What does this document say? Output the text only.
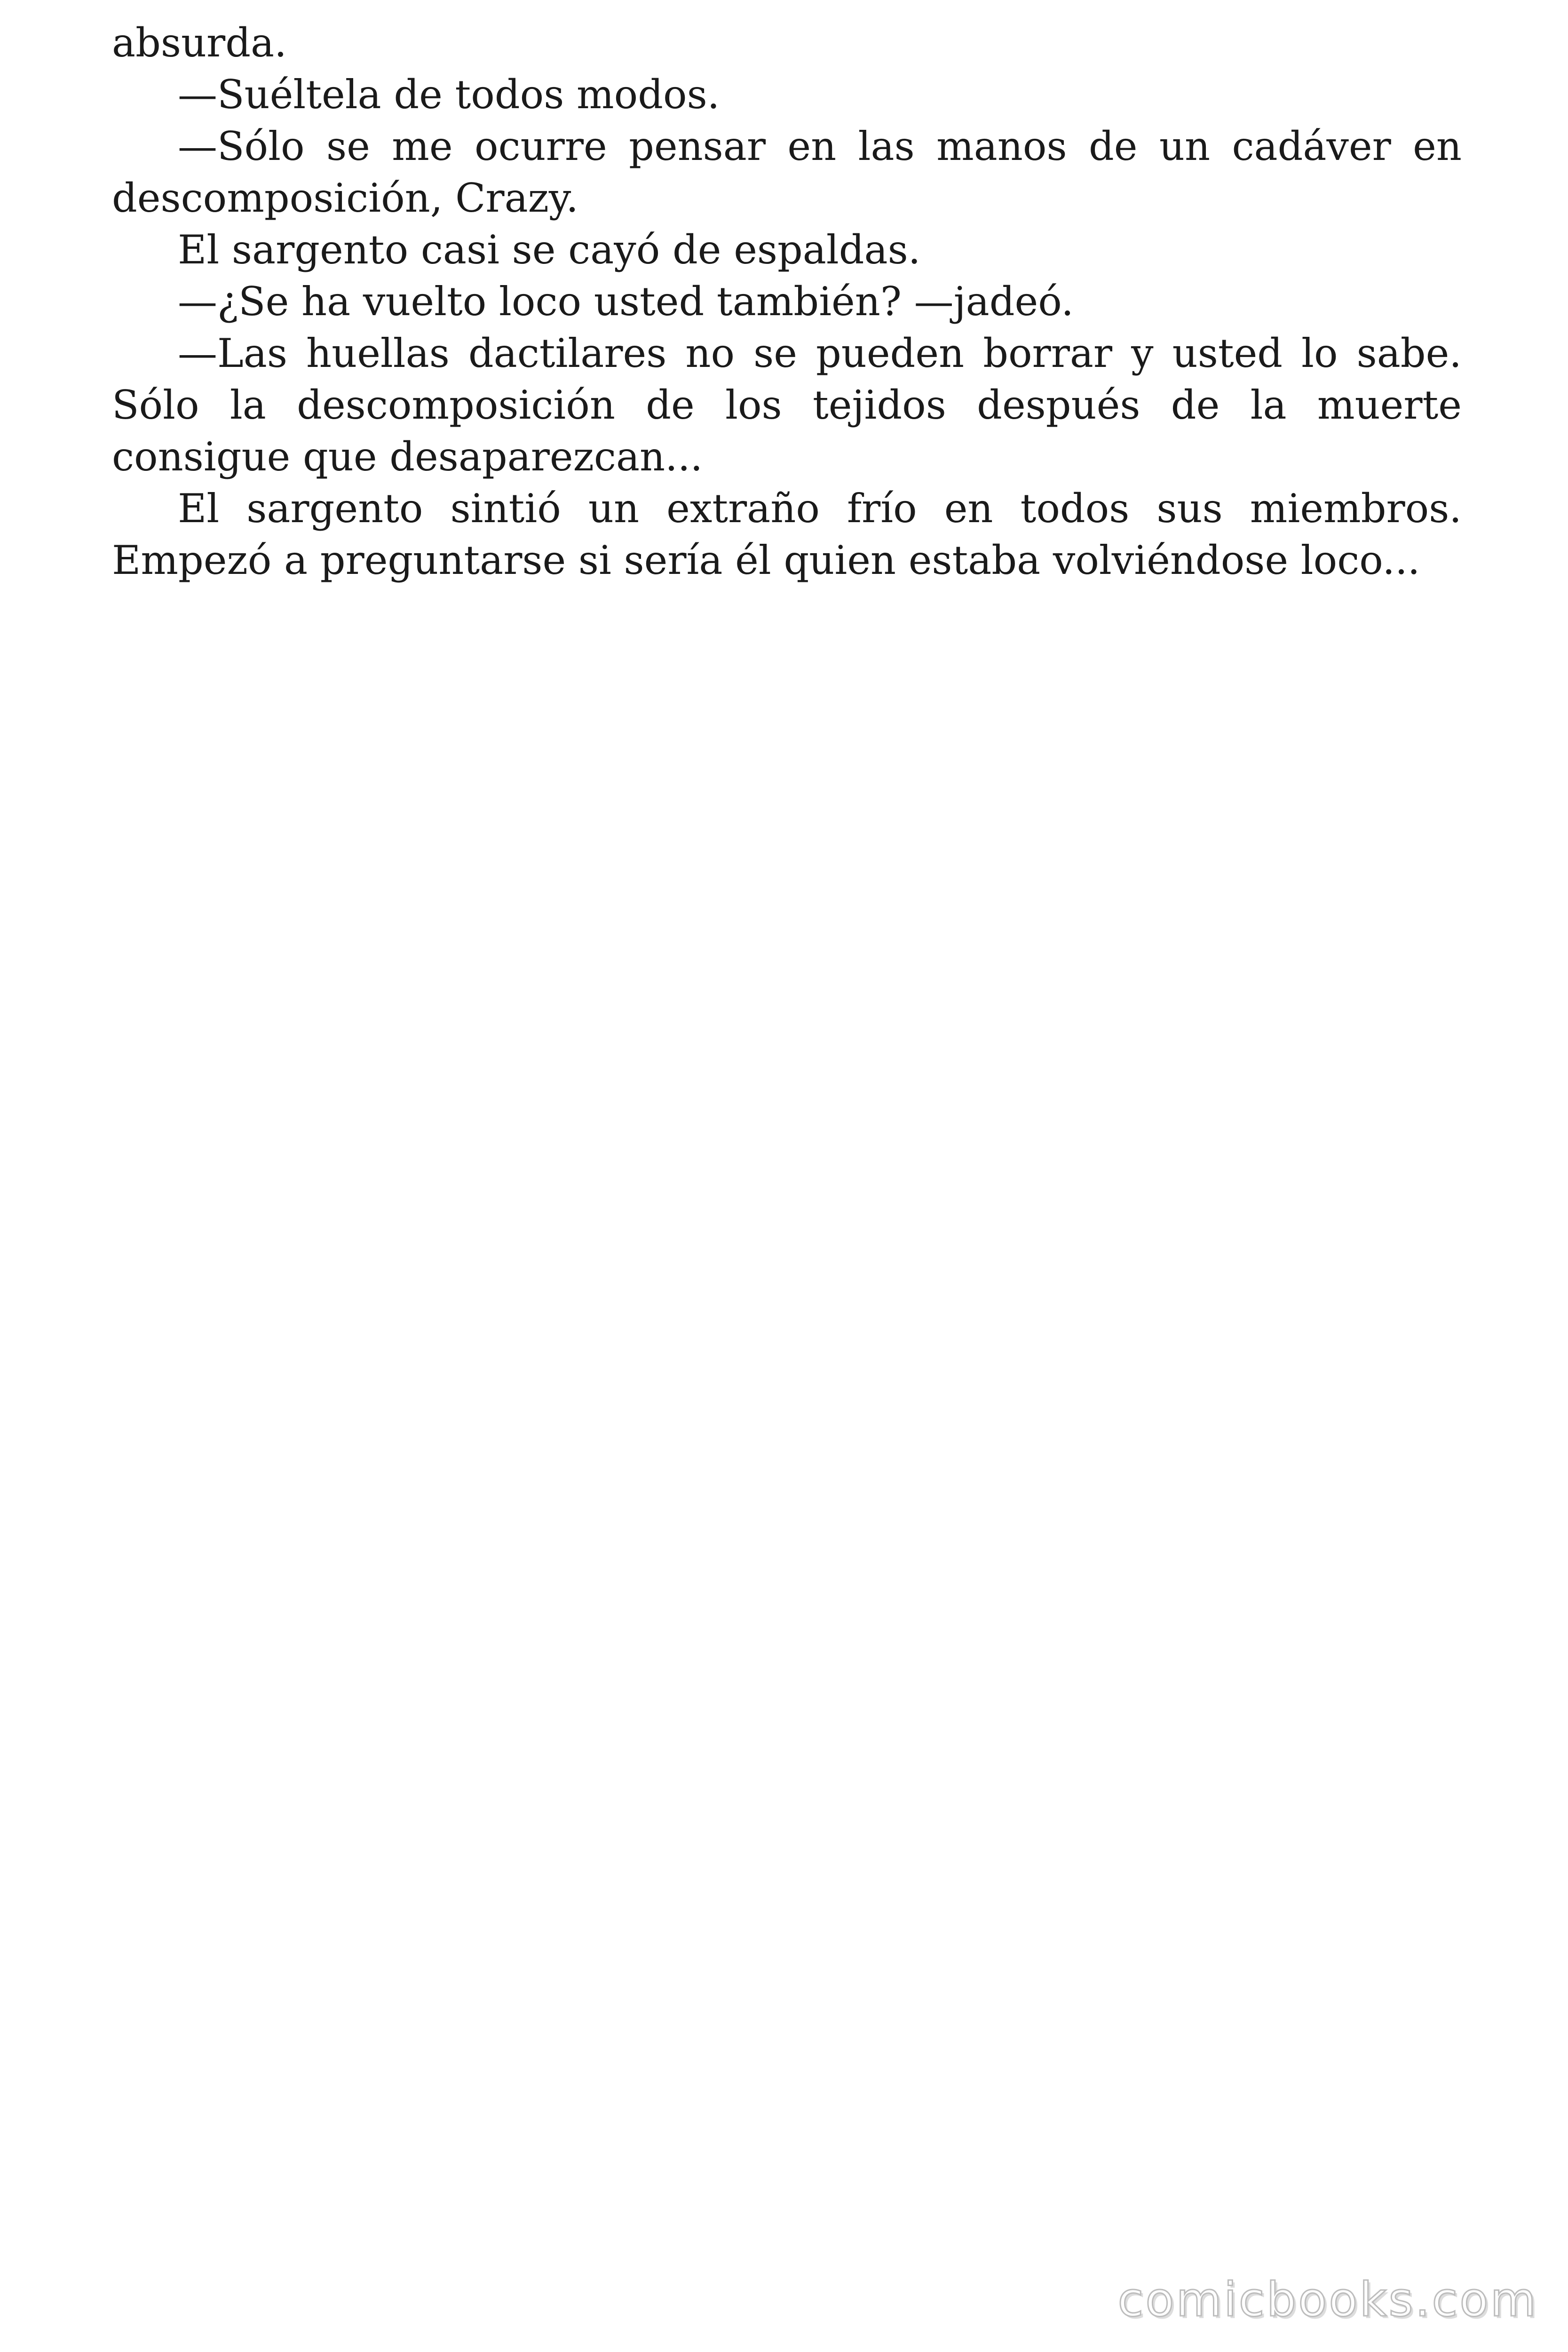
absurda.

—Suéltela de todos modos.

—Sólo se me ocurre pensar en las manos de un cadáver en descomposición, Crazy.

El sargento casi se cayó de espaldas.

—¿Se ha vuelto loco usted también? —jadeó.

—Las huellas dactilares no se pueden borrar y usted lo sabe. Sólo la descomposición de los tejidos después de la muerte consigue que desaparezcan...

El sargento sintió un extraño frío en todos sus miembros. Empezó a preguntarse si sería él quien estaba volviéndose loco...

comicbooks.com
